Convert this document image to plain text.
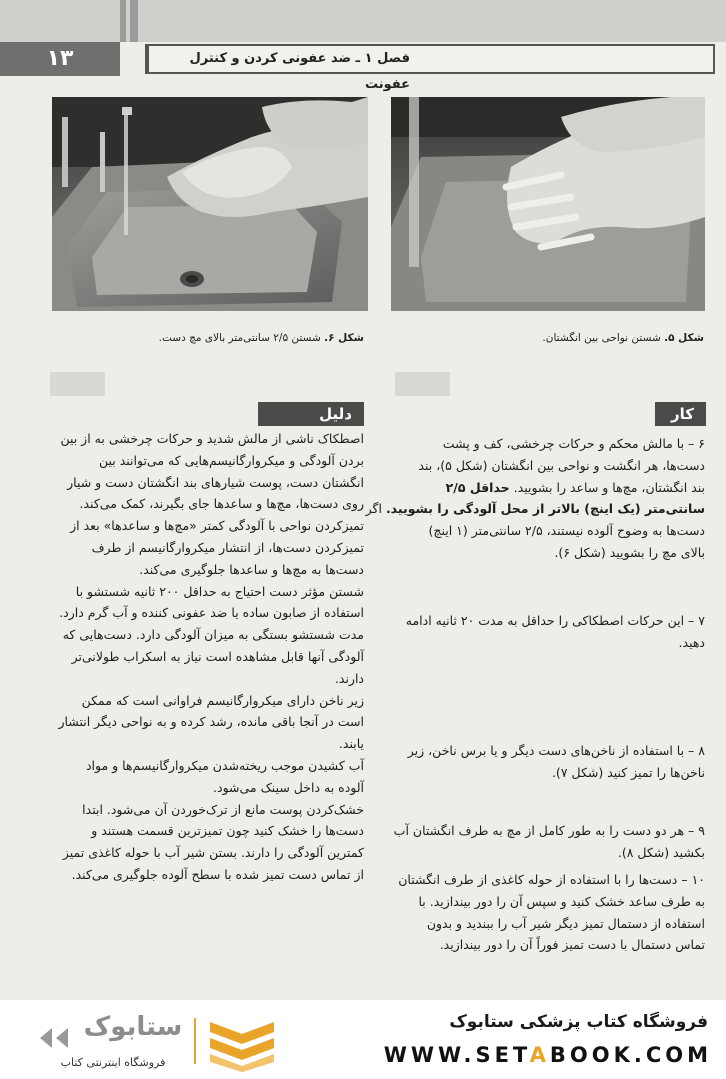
۱۳	فصل ۱ ـ ضد عفونی کردن و کنترل عفونت

شکل ۶. شستن ۲/۵ سانتی‌متر بالای مچ دست.	شکل ۵. شستن نواحی بین انگشتان.
دلیل	کار
اصطکاک ناشی از مالش شدید و حرکات چرخشی به از بین
بردن آلودگی و میکروارگانیسم‌هایی که می‌توانند بین
انگشتان دست، پوست شیارهای بند انگشتان دست و شیار
روی دست‌ها، مچ‌ها و ساعدها جای بگیرند، کمک می‌کند.
تمیزکردن نواحی با آلودگی کمتر «مچ‌ها و ساعدها» بعد از
تمیزکردن دست‌ها، از انتشار میکروارگانیسم از طرف
دست‌ها به مچ‌ها و ساعدها جلوگیری می‌کند.
شستن مؤثر دست احتیاج به حداقل ۲۰۰ ثانیه شستشو با
استفاده از صابون ساده یا ضد عفونی کننده و آب گرم دارد.
مدت شستشو بستگی به میزان آلودگی دارد. دست‌هایی که
آلودگی آنها قابل مشاهده است نیاز به اسکراب طولانی‌تر
دارند.
زیر ناخن دارای میکروارگانیسم فراوانی است که ممکن
است در آنجا باقی مانده، رشد کرده و به نواحی دیگر انتشار
یابند.
آب کشیدن موجب ریخته‌شدن میکروارگانیسم‌ها و مواد
آلوده به داخل سینک می‌شود.
خشک‌کردن پوست مانع از ترک‌خوردن آن می‌شود. ابتدا
دست‌ها را خشک کنید چون تمیزترین قسمت هستند و
کمترین آلودگی را دارند. بستن شیر آب با حوله کاغذی تمیز
از تماس دست تمیز شده با سطح آلوده جلوگیری می‌کند.
۶ – با مالش محکم و حرکات چرخشی، کف و پشت
دست‌ها، هر انگشت و نواحی بین انگشتان (شکل ۵)، بند
بند انگشتان، مچ‌ها و ساعد را بشویید. حداقل ۲/۵
سانتی‌متر (یک اینچ) بالاتر از محل آلودگی را بشویید. اگر
دست‌ها به وضوح آلوده نیستند، ۲/۵ سانتی‌متر (۱ اینچ)
بالای مچ را بشویید (شکل ۶).
۷ – این حرکات اصطکاکی را حداقل به مدت ۲۰ ثانیه ادامه
دهید.
۸ – با استفاده از ناخن‌های دست دیگر و یا برس ناخن، زیر
ناخن‌ها را تمیز کنید (شکل ۷).
۹ – هر دو دست را به طور کامل از مچ به طرف انگشتان آب
بکشید (شکل ۸).
۱۰ – دست‌ها را با استفاده از حوله کاغذی از طرف انگشتان
به طرف ساعد خشک کنید و سپس آن را دور بیندازید. با
استفاده از دستمال تمیز دیگر شیر آب را ببندید و بدون
تماس دستمال با دست تمیز فوراً آن را دور بیندازید.
فروشگاه کتاب پزشکی ستابوک
WWW.SETABOOK.COM
ستابوک
فروشگاه اینترنتی کتاب
